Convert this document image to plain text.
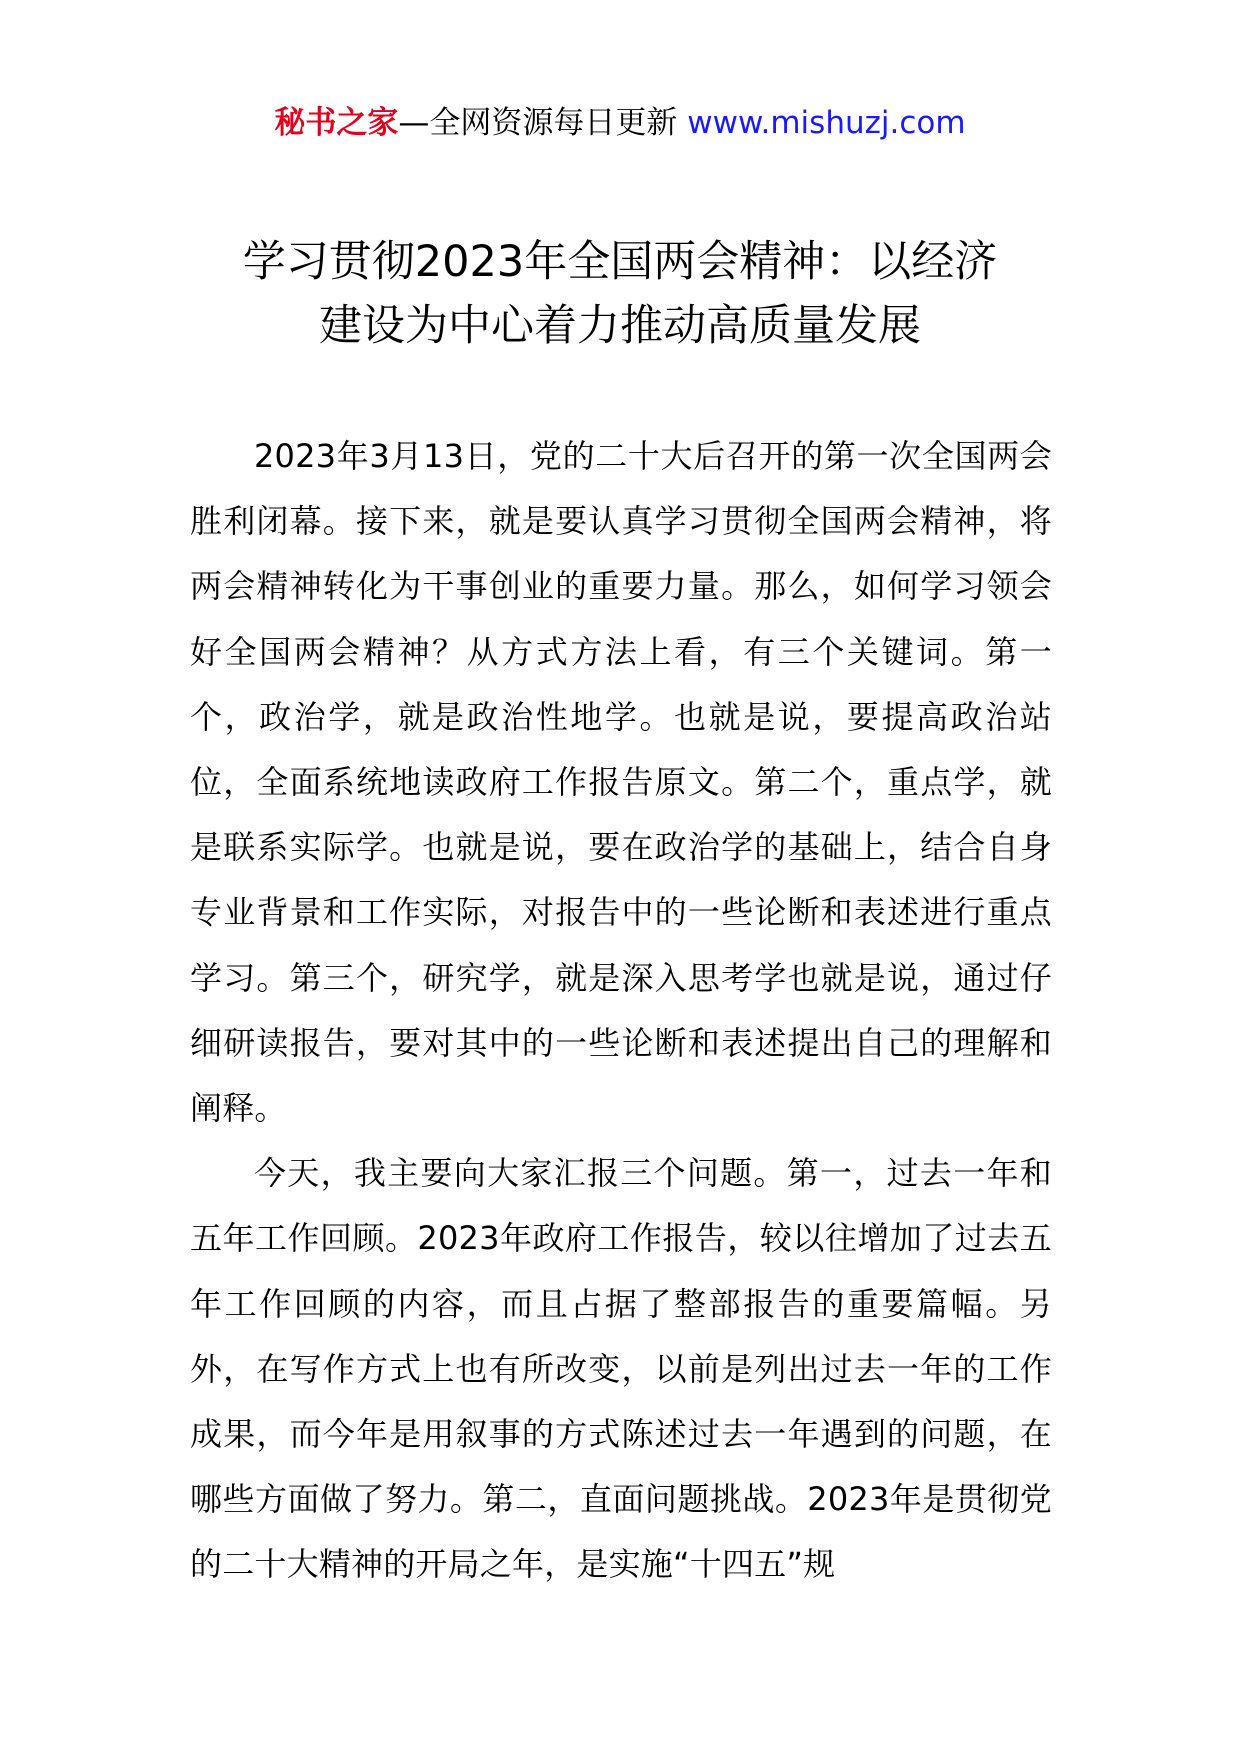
秘书之家—全网资源每日更新 www.mishuzj.com
学习贯彻2023年全国两会精神：以经济
建设为中心着力推动高质量发展

2023年3月13日，党的二十大后召开的第一次全国两会胜利闭幕。接下来，就是要认真学习贯彻全国两会精神，将两会精神转化为干事创业的重要力量。那么，如何学习领会好全国两会精神？从方式方法上看，有三个关键词。第一个，政治学，就是政治性地学。也就是说，要提高政治站位，全面系统地读政府工作报告原文。第二个，重点学，就是联系实际学。也就是说，要在政治学的基础上，结合自身专业背景和工作实际，对报告中的一些论断和表述进行重点学习。第三个，研究学，就是深入思考学也就是说，通过仔细研读报告，要对其中的一些论断和表述提出自己的理解和阐释。

今天，我主要向大家汇报三个问题。第一，过去一年和五年工作回顾。2023年政府工作报告，较以往增加了过去五年工作回顾的内容，而且占据了整部报告的重要篇幅。另外，在写作方式上也有所改变，以前是列出过去一年的工作成果，而今年是用叙事的方式陈述过去一年遇到的问题，在哪些方面做了努力。第二，直面问题挑战。2023年是贯彻党的二十大精神的开局之年，是实施“十四五”规
